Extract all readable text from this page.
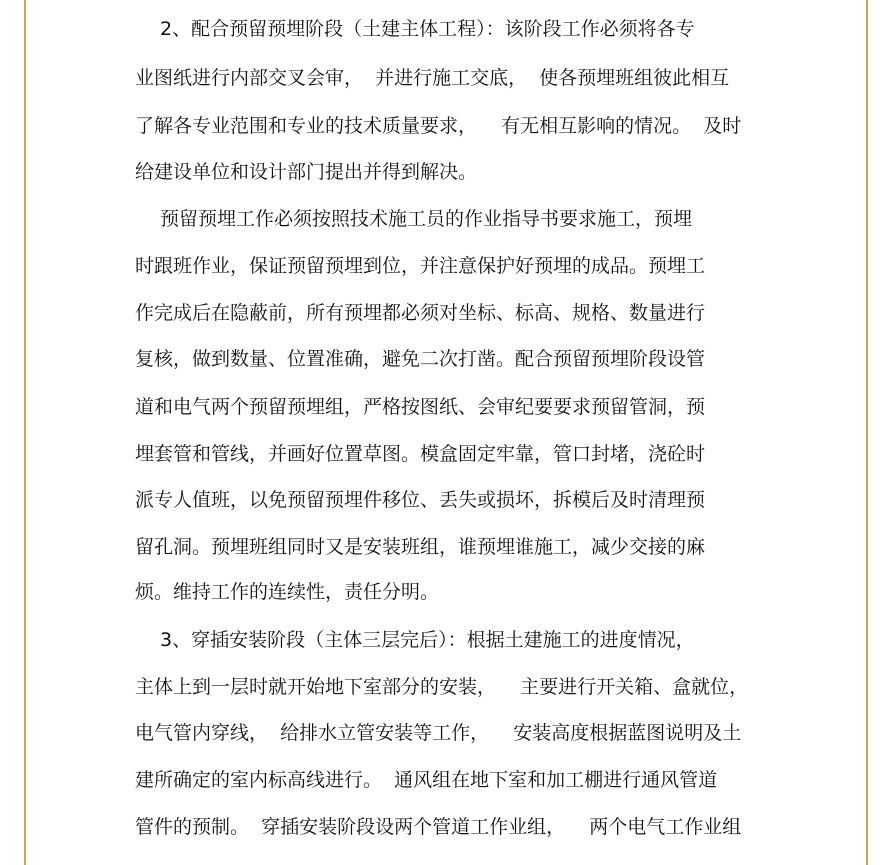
2、配合预留预埋阶段（土建主体工程）：该阶段工作必须将各专
业图纸进行内部交叉会审，  并进行施工交底，  使各预埋班组彼此相互
了解各专业范围和专业的技术质量要求，    有无相互影响的情况。  及时
给建设单位和设计部门提出并得到解决。
预留预埋工作必须按照技术施工员的作业指导书要求施工，预埋
时跟班作业，保证预留预埋到位，并注意保护好预埋的成品。预埋工
作完成后在隐蔽前，所有预埋都必须对坐标、标高、规格、数量进行
复核，做到数量、位置准确，避免二次打凿。配合预留预埋阶段设管
道和电气两个预留预埋组，严格按图纸、会审纪要要求预留管洞，预
埋套管和管线，并画好位置草图。模盒固定牢靠，管口封堵，浇砼时
派专人值班，以免预留预埋件移位、丢失或损坏，拆模后及时清理预
留孔洞。预埋班组同时又是安装班组，谁预埋谁施工，减少交接的麻
烦。维持工作的连续性，责任分明。
3、穿插安装阶段（主体三层完后）：根据土建施工的进度情况，
主体上到一层时就开始地下室部分的安装，    主要进行开关箱、盒就位，
电气管内穿线，  给排水立管安装等工作，    安装高度根据蓝图说明及土
建所确定的室内标高线进行。  通风组在地下室和加工棚进行通风管道
管件的预制。  穿插安装阶段设两个管道工作业组，    两个电气工作业组
